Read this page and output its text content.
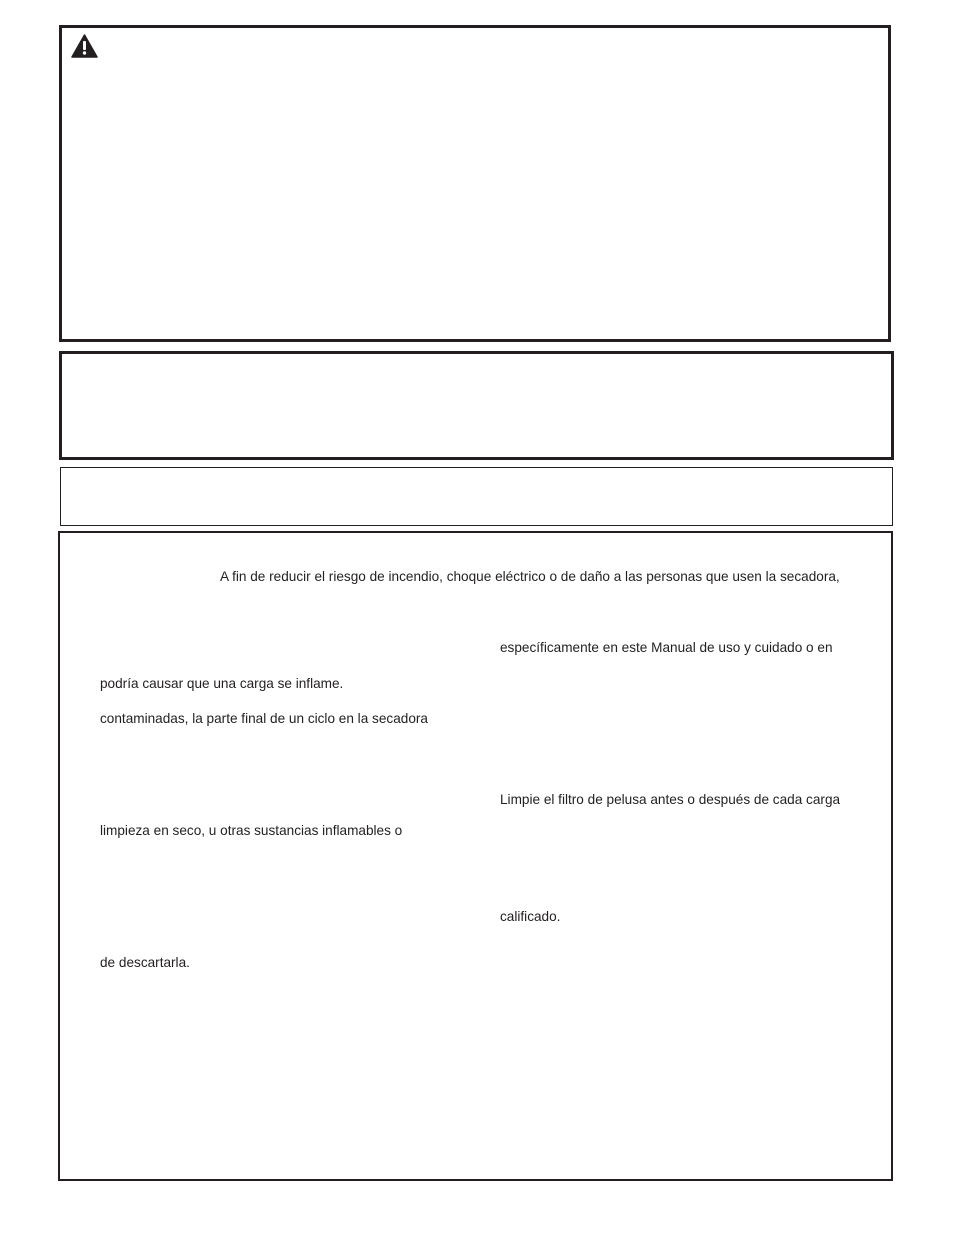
A fin de reducir el riesgo de incendio, choque eléctrico o de daño a las personas que usen la secadora,
específicamente en este Manual de uso y cuidado o en
podría causar que una carga se inflame.
contaminadas, la parte final de un ciclo en la secadora
Limpie el filtro de pelusa antes o después de cada carga
limpieza en seco, u otras sustancias inflamables o
calificado.
de descartarla.
